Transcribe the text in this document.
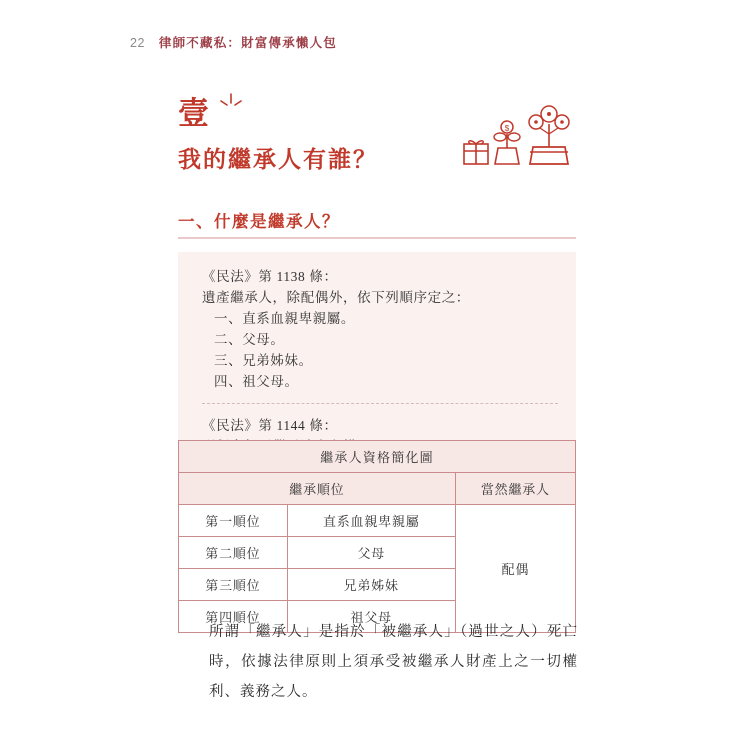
22 律師不藏私：財富傳承懶人包
壹
我的繼承人有誰？
$
一、什麼是繼承人？

《民法》第 1138 條：

遺產繼承人，除配偶外，依下列順序定之：

一、直系血親卑親屬。

二、父母。

三、兄弟姊妹。

四、祖父母。

《民法》第 1144 條：

繼承人資格簡化圖		
繼承順位		當然繼承人
第一順位	直系血親卑親屬	配偶
第二順位	父母	
第三順位	兄弟姊妹	
第四順位	祖父母	
所謂「繼承人」是指於「被繼承人」（過世之人）死亡時，依據法律原則上須承受被繼承人財產上之一切權利、義務之人。
